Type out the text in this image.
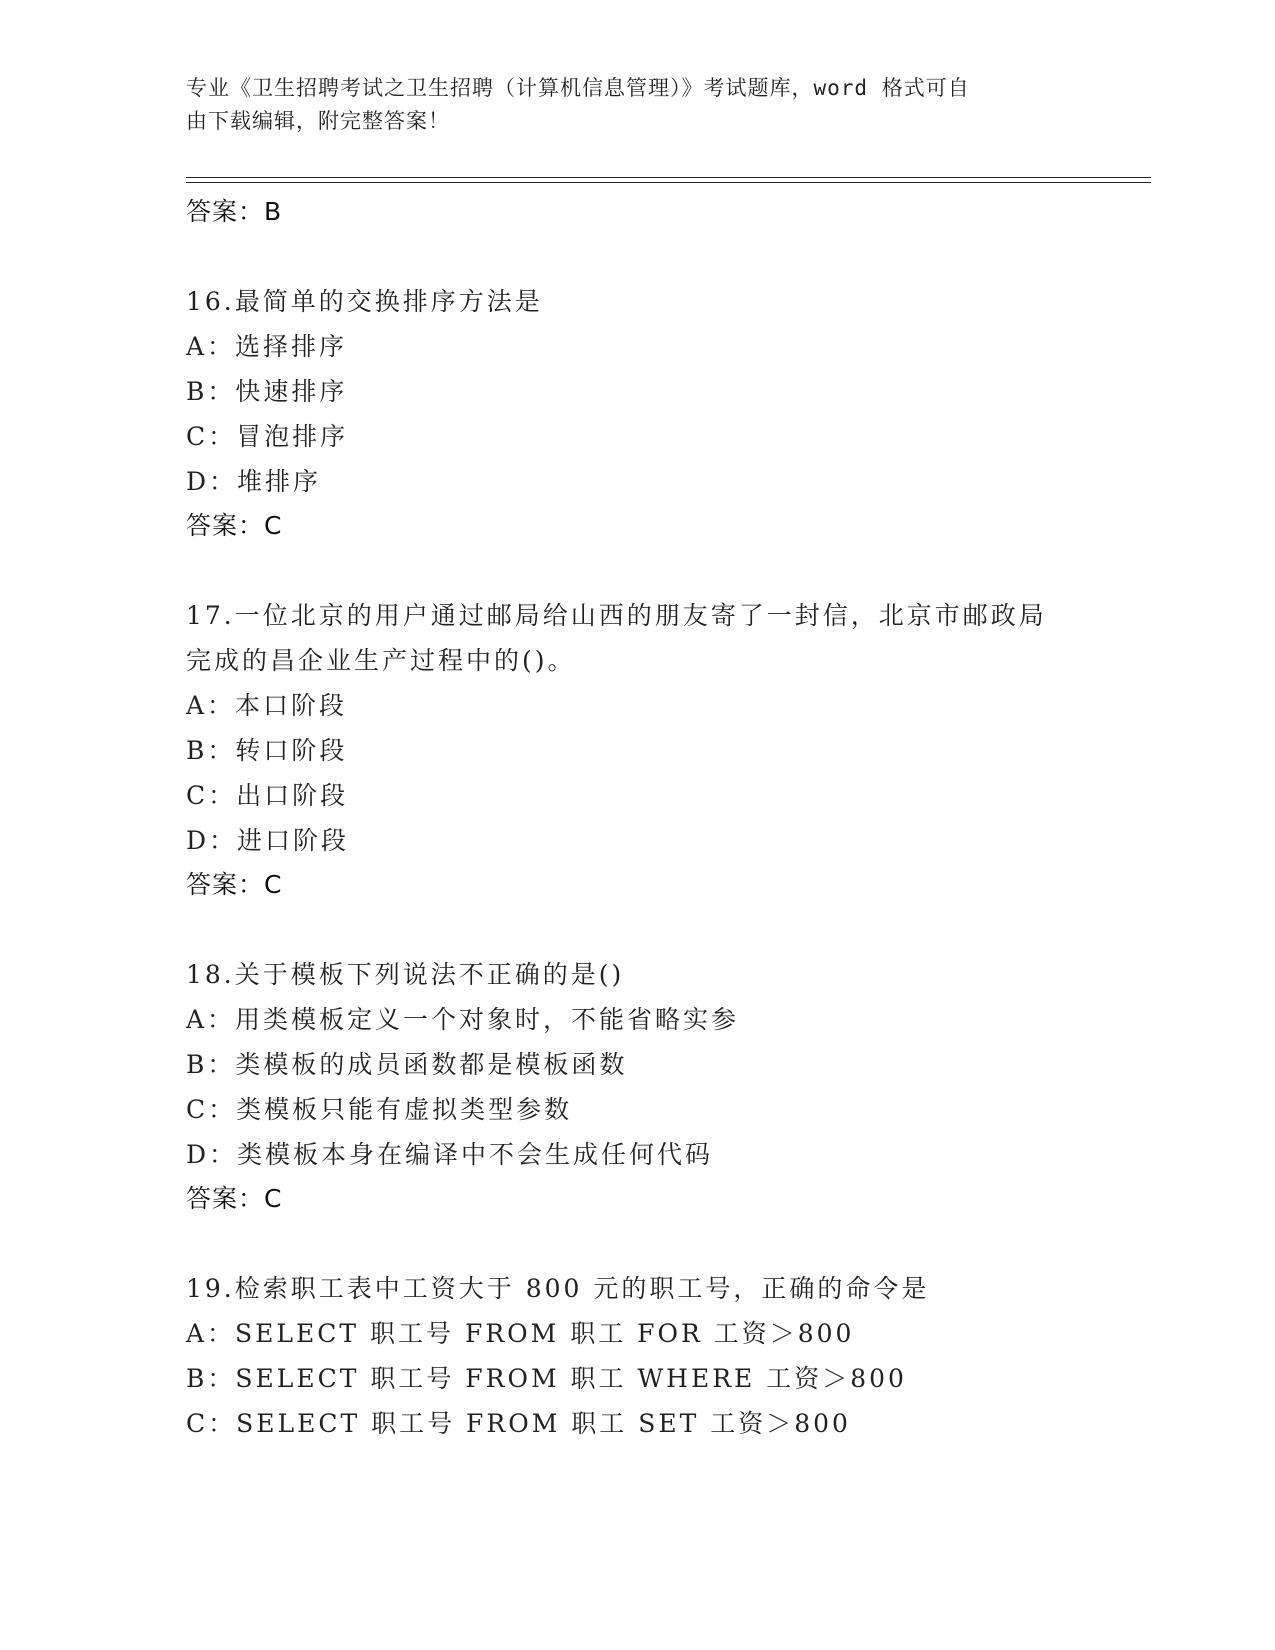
专业《卫生招聘考试之卫生招聘（计算机信息管理）》考试题库，word 格式可自
由下载编辑，附完整答案！
答案：B
16.最简单的交换排序方法是
A：选择排序
B：快速排序
C：冒泡排序
D：堆排序
答案：C
17.一位北京的用户通过邮局给山西的朋友寄了一封信，北京市邮政局
完成的昌企业生产过程中的()。
A：本口阶段
B：转口阶段
C：出口阶段
D：进口阶段
答案：C
18.关于模板下列说法不正确的是()
A：用类模板定义一个对象时，不能省略实参
B：类模板的成员函数都是模板函数
C：类模板只能有虚拟类型参数
D：类模板本身在编译中不会生成任何代码
答案：C
19.检索职工表中工资大于 800 元的职工号，正确的命令是
A：SELECT 职工号 FROM 职工 FOR 工资＞800
B：SELECT 职工号 FROM 职工 WHERE 工资＞800
C：SELECT 职工号 FROM 职工 SET 工资＞800
